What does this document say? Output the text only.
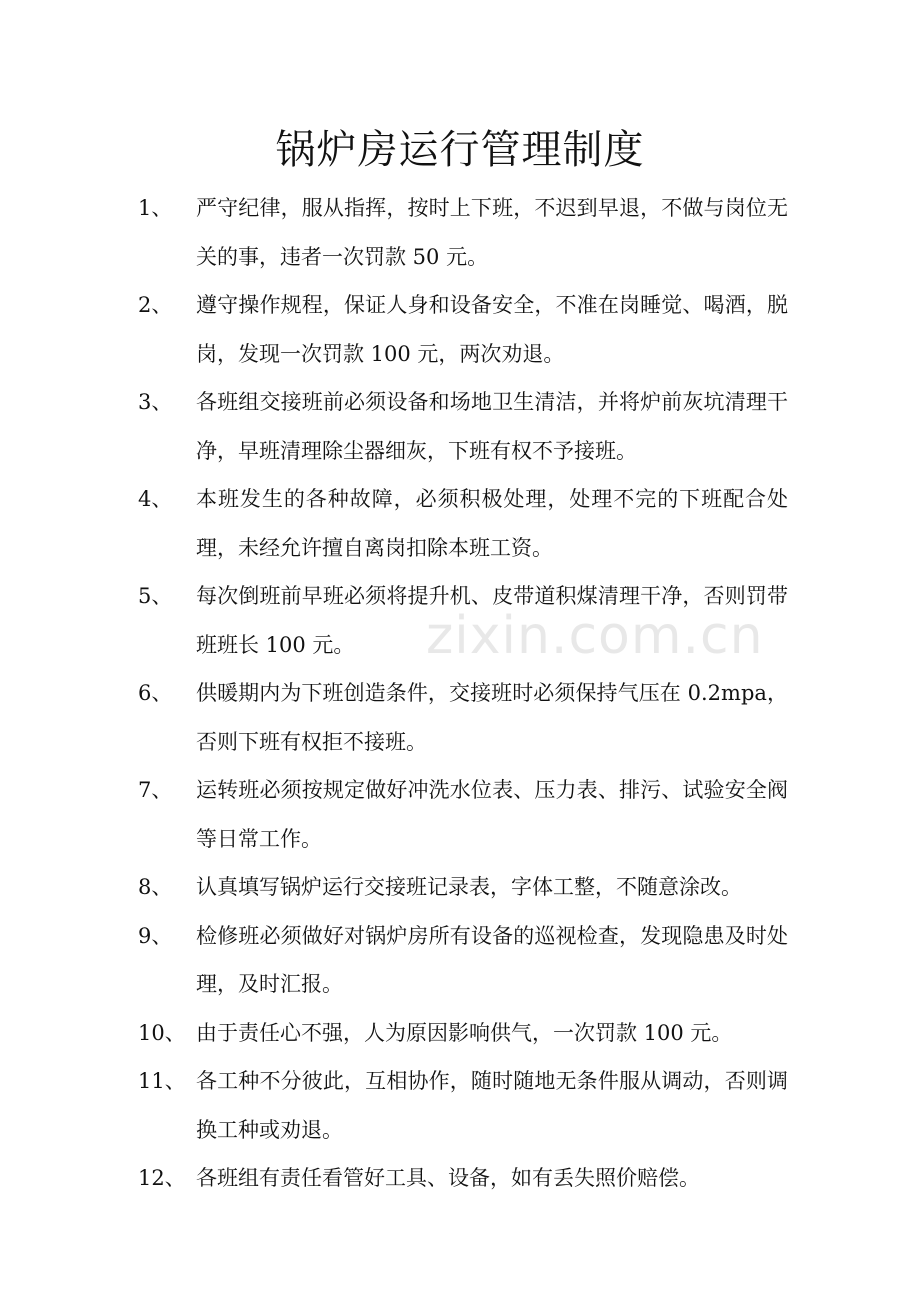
锅炉房运行管理制度
1、	严守纪律，服从指挥，按时上下班，不迟到早退，不做与岗位无关的事，违者一次罚款 50 元。
2、	遵守操作规程，保证人身和设备安全，不准在岗睡觉、喝酒，脱岗，发现一次罚款 100 元，两次劝退。
3、	各班组交接班前必须设备和场地卫生清洁，并将炉前灰坑清理干净，早班清理除尘器细灰，下班有权不予接班。
4、	本班发生的各种故障，必须积极处理，处理不完的下班配合处理，未经允许擅自离岗扣除本班工资。
5、	每次倒班前早班必须将提升机、皮带道积煤清理干净，否则罚带班班长 100 元。
6、	供暖期内为下班创造条件，交接班时必须保持气压在 0.2mpa，否则下班有权拒不接班。
7、	运转班必须按规定做好冲洗水位表、压力表、排污、试验安全阀等日常工作。
8、	认真填写锅炉运行交接班记录表，字体工整，不随意涂改。
9、	检修班必须做好对锅炉房所有设备的巡视检查，发现隐患及时处理，及时汇报。
10、 由于责任心不强，人为原因影响供气，一次罚款 100 元。
11、 各工种不分彼此，互相协作，随时随地无条件服从调动，否则调换工种或劝退。
12、 各班组有责任看管好工具、设备，如有丢失照价赔偿。
zixin.com.cn
